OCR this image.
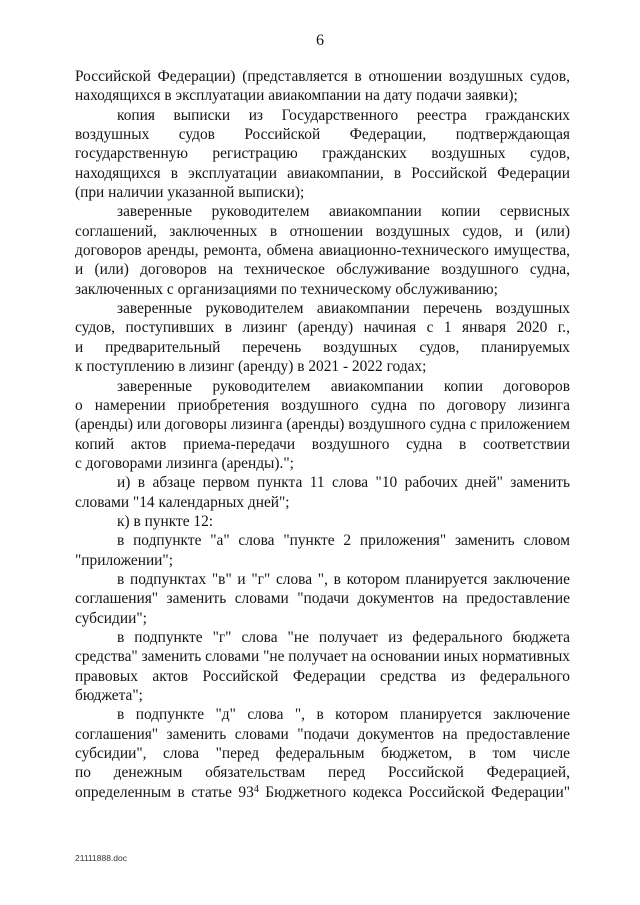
6
Российской Федерации) (представляется в отношении воздушных судов,
находящихся в эксплуатации авиакомпании на дату подачи заявки);
копия выписки из Государственного реестра гражданских
воздушных судов Российской Федерации, подтверждающая
государственную регистрацию гражданских воздушных судов,
находящихся в эксплуатации авиакомпании, в Российской Федерации
(при наличии указанной выписки);
заверенные руководителем авиакомпании копии сервисных
соглашений, заключенных в отношении воздушных судов, и (или)
договоров аренды, ремонта, обмена авиационно-технического имущества,
и (или) договоров на техническое обслуживание воздушного судна,
заключенных с организациями по техническому обслуживанию;
заверенные руководителем авиакомпании перечень воздушных
судов, поступивших в лизинг (аренду) начиная с 1 января 2020 г.,
и предварительный перечень воздушных судов, планируемых
к поступлению в лизинг (аренду) в 2021 - 2022 годах;
заверенные руководителем авиакомпании копии договоров
о намерении приобретения воздушного судна по договору лизинга
(аренды) или договоры лизинга (аренды) воздушного судна с приложением
копий актов приема-передачи воздушного судна в соответствии
с договорами лизинга (аренды).";
и) в абзаце первом пункта 11 слова "10 рабочих дней" заменить
словами "14 календарных дней";
к) в пункте 12:
в подпункте "а" слова "пункте 2 приложения" заменить словом
"приложении";
в подпунктах "в" и "г" слова ", в котором планируется заключение
соглашения" заменить словами "подачи документов на предоставление
субсидии";
в подпункте "г" слова "не получает из федерального бюджета
средства" заменить словами "не получает на основании иных нормативных
правовых актов Российской Федерации средства из федерального
бюджета";
в подпункте "д" слова ", в котором планируется заключение
соглашения" заменить словами "подачи документов на предоставление
субсидии", слова "перед федеральным бюджетом, в том числе
по денежным обязательствам перед Российской Федерацией,
определенным в статье $93^4$ Бюджетного кодекса Российской Федерации"
21111888.doc
